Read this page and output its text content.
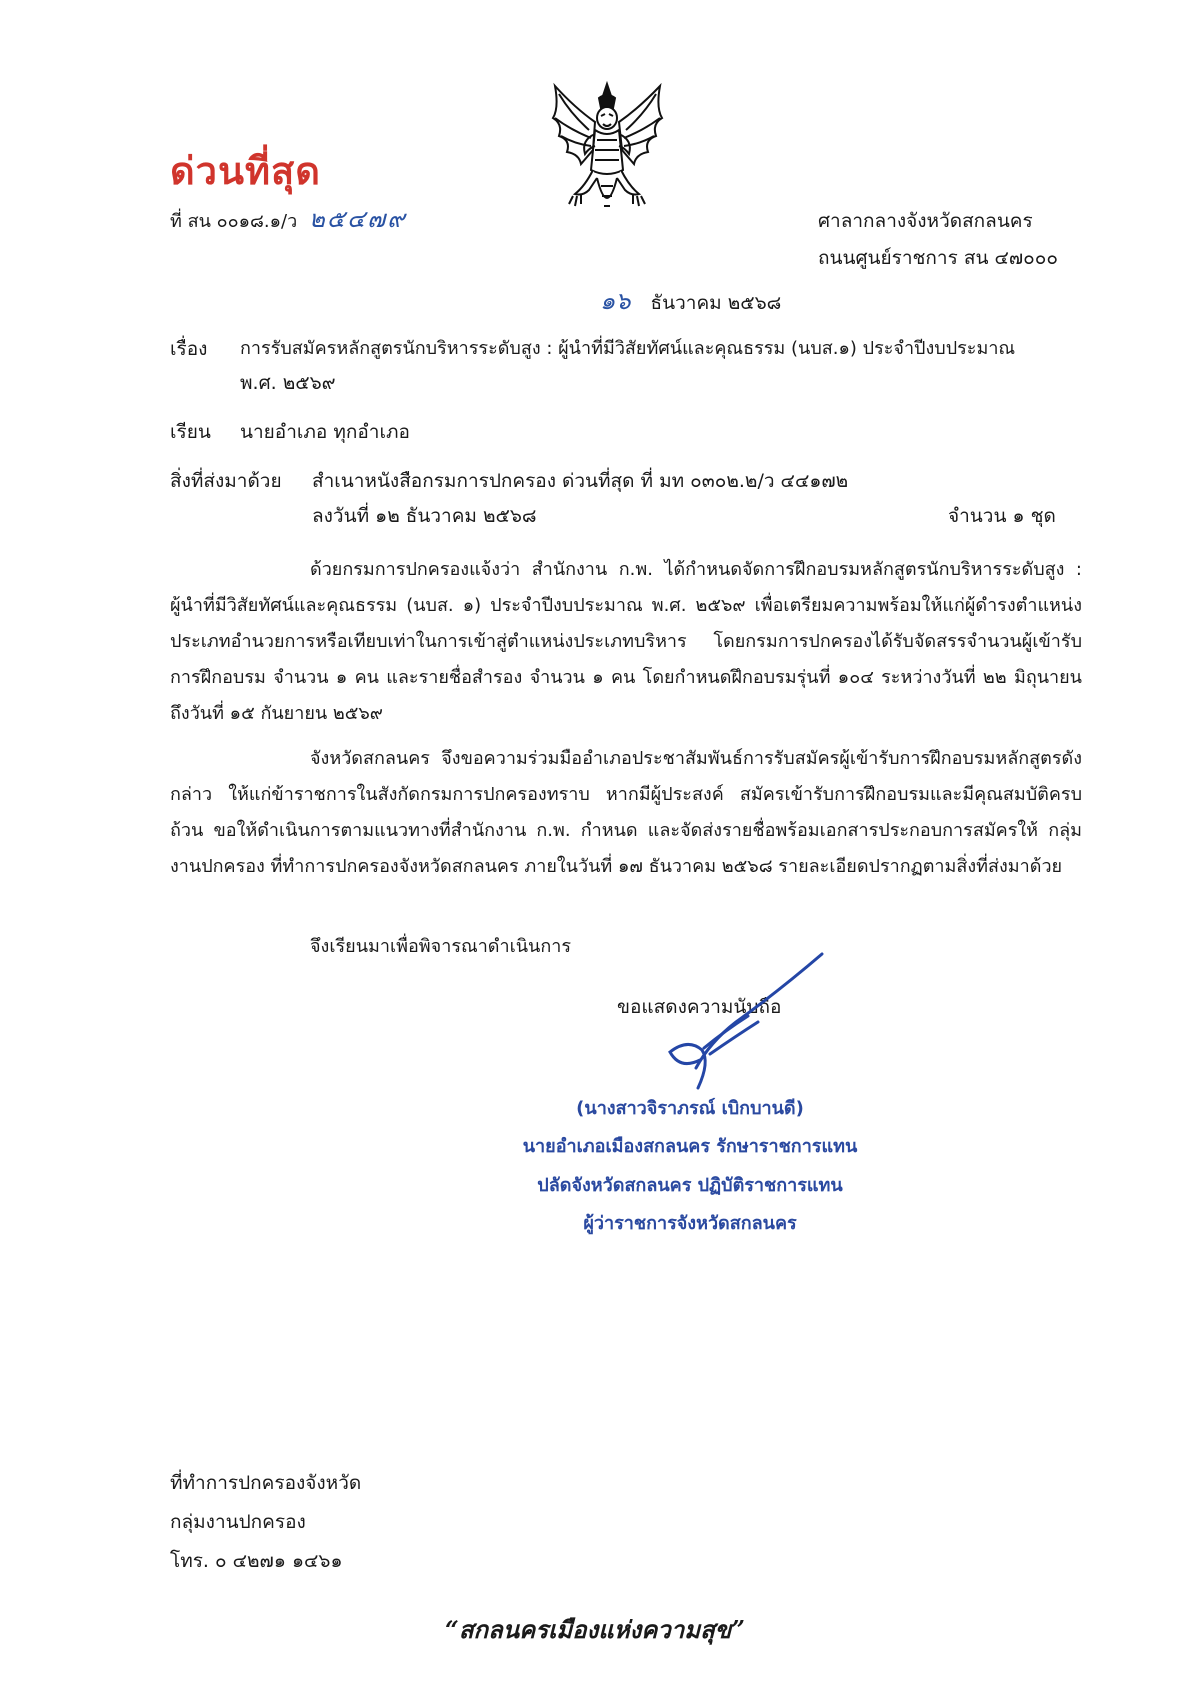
ด่วนที่สุด
ที่ สน ๐๐๑๘.๑/ว ๒๕๔๗๙	ศาลากลางจังหวัดสกลนคร
ถนนศูนย์ราชการ สน ๔๗๐๐๐
๑๖ ธันวาคม ๒๕๖๘
เรื่อง การรับสมัครหลักสูตรนักบริหารระดับสูง : ผู้นำที่มีวิสัยทัศน์และคุณธรรม (นบส.๑) ประจำปีงบประมาณ
พ.ศ. ๒๕๖๙
เรียน นายอำเภอ ทุกอำเภอ
สิ่งที่ส่งมาด้วย สำเนาหนังสือกรมการปกครอง ด่วนที่สุด ที่ มท ๐๓๐๒.๒/ว ๔๔๑๗๒
ลงวันที่ ๑๒ ธันวาคม ๒๕๖๘	จำนวน ๑ ชุด
ด้วยกรมการปกครองแจ้งว่า สำนักงาน ก.พ. ได้กำหนดจัดการฝึกอบรมหลักสูตรนักบริหารระดับสูง : ผู้นำที่มีวิสัยทัศน์และคุณธรรม (นบส. ๑) ประจำปีงบประมาณ พ.ศ. ๒๕๖๙ เพื่อเตรียมความพร้อมให้แก่ผู้ดำรงตำแหน่งประเภทอำนวยการหรือเทียบเท่าในการเข้าสู่ตำแหน่งประเภทบริหาร โดยกรมการปกครองได้รับจัดสรรจำนวนผู้เข้ารับการฝึกอบรม จำนวน ๑ คน และรายชื่อสำรอง จำนวน ๑ คน โดยกำหนดฝึกอบรมรุ่นที่ ๑๐๔ ระหว่างวันที่ ๒๒ มิถุนายน ถึงวันที่ ๑๕ กันยายน ๒๕๖๙
จังหวัดสกลนคร จึงขอความร่วมมืออำเภอประชาสัมพันธ์การรับสมัครผู้เข้ารับการฝึกอบรมหลักสูตรดังกล่าว ให้แก่ข้าราชการในสังกัดกรมการปกครองทราบ หากมีผู้ประสงค์ สมัครเข้ารับการฝึกอบรมและมีคุณสมบัติครบถ้วน ขอให้ดำเนินการตามแนวทางที่สำนักงาน ก.พ. กำหนด และจัดส่งรายชื่อพร้อมเอกสารประกอบการสมัครให้ กลุ่มงานปกครอง ที่ทำการปกครองจังหวัดสกลนคร ภายในวันที่ ๑๗ ธันวาคม ๒๕๖๘ รายละเอียดปรากฏตามสิ่งที่ส่งมาด้วย
จึงเรียนมาเพื่อพิจารณาดำเนินการ
ขอแสดงความนับถือ
(นางสาวจิราภรณ์ เบิกบานดี)
นายอำเภอเมืองสกลนคร รักษาราชการแทน
ปลัดจังหวัดสกลนคร ปฏิบัติราชการแทน
ผู้ว่าราชการจังหวัดสกลนคร
ที่ทำการปกครองจังหวัด
กลุ่มงานปกครอง
โทร. ๐ ๔๒๗๑ ๑๔๖๑
“สกลนครเมืองแห่งความสุข”
